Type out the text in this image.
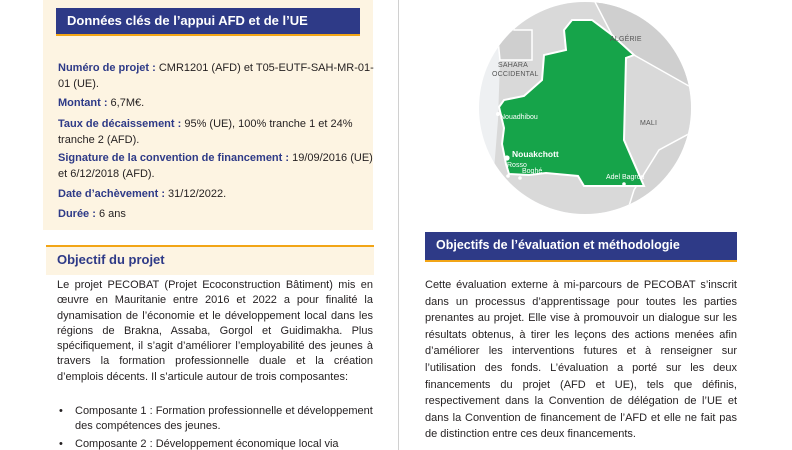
Données clés de l’appui AFD et de l’UE
Numéro de projet : CMR1201 (AFD) et T05-EUTF-SAH-MR-01-01 (UE).
Montant : 6,7M€.
Taux de décaissement : 95% (UE), 100% tranche 1 et 24% tranche 2 (AFD).
Signature de la convention de financement : 19/09/2016 (UE) et 6/12/2018 (AFD).
Date d’achèvement : 31/12/2022.
Durée : 6 ans
Objectif du projet
Le projet PECOBAT (Projet Ecoconstruction Bâtiment) mis en œuvre en Mauritanie entre 2016 et 2022 a pour finalité la dynamisation de l’économie et le développement local dans les régions de Brakna, Assaba, Gorgol et Guidimakha. Plus spécifiquement, il s’agit d’améliorer l’employabilité des jeunes à travers la formation professionnelle duale et la création d’emplois décents. Il s’articule autour de trois composantes:
• Composante 1 : Formation professionnelle et développement des compétences des jeunes.
• Composante 2 : Développement économique local via
SAHARA
OCCIDENTAL
ALGÉRIE
MALI
Nouadhibou
Nouakchott
Rosso
Boghé
Adel Bagrou
Objectifs de l’évaluation et méthodologie
Cette évaluation externe à mi-parcours de PECOBAT s’inscrit dans un processus d’apprentissage pour toutes les parties prenantes au projet. Elle vise à promouvoir un dialogue sur les résultats obtenus, à tirer les leçons des actions menées afin d’améliorer les interventions futures et à renseigner sur l’utilisation des fonds. L’évaluation a porté sur les deux financements du projet (AFD et UE), tels que définis, respectivement dans la Convention de délégation de l’UE et dans la Convention de financement de l’AFD et elle ne fait pas de distinction entre ces deux financements.
